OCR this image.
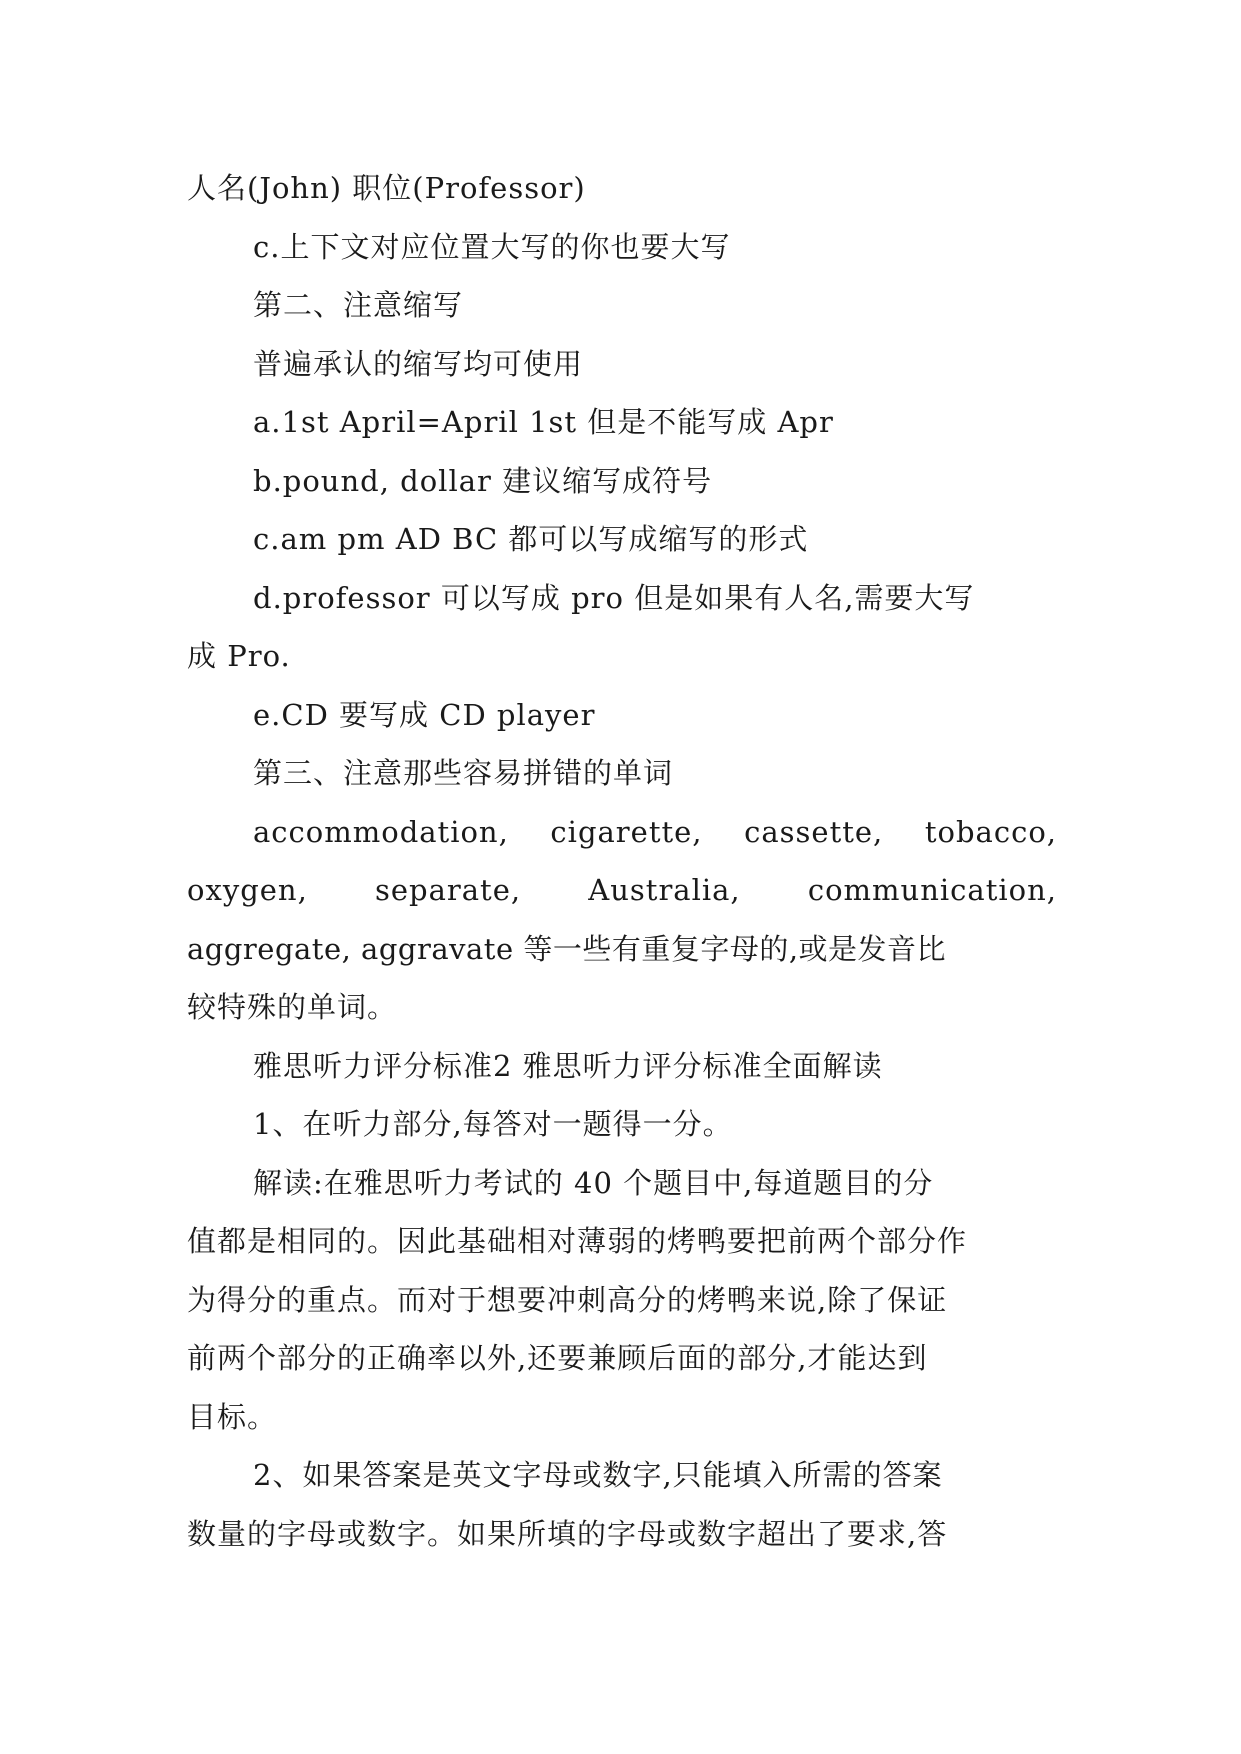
人名(John) 职位(Professor)

c.上下文对应位置大写的你也要大写

第二、注意缩写

普遍承认的缩写均可使用

a.1st April=April 1st 但是不能写成 Apr

b.pound, dollar 建议缩写成符号

c.am pm AD BC 都可以写成缩写的形式

d.professor 可以写成 pro 但是如果有人名,需要大写

成 Pro.

e.CD 要写成 CD player

第三、注意那些容易拼错的单词

accommodation, cigarette, cassette, tobacco,

oxygen, separate, Australia, communication,

aggregate, aggravate 等一些有重复字母的,或是发音比

较特殊的单词。

雅思听力评分标准2 雅思听力评分标准全面解读

1、在听力部分,每答对一题得一分。

解读:在雅思听力考试的 40 个题目中,每道题目的分

值都是相同的。因此基础相对薄弱的烤鸭要把前两个部分作

为得分的重点。而对于想要冲刺高分的烤鸭来说,除了保证

前两个部分的正确率以外,还要兼顾后面的部分,才能达到

目标。

2、如果答案是英文字母或数字,只能填入所需的答案

数量的字母或数字。如果所填的字母或数字超出了要求,答
